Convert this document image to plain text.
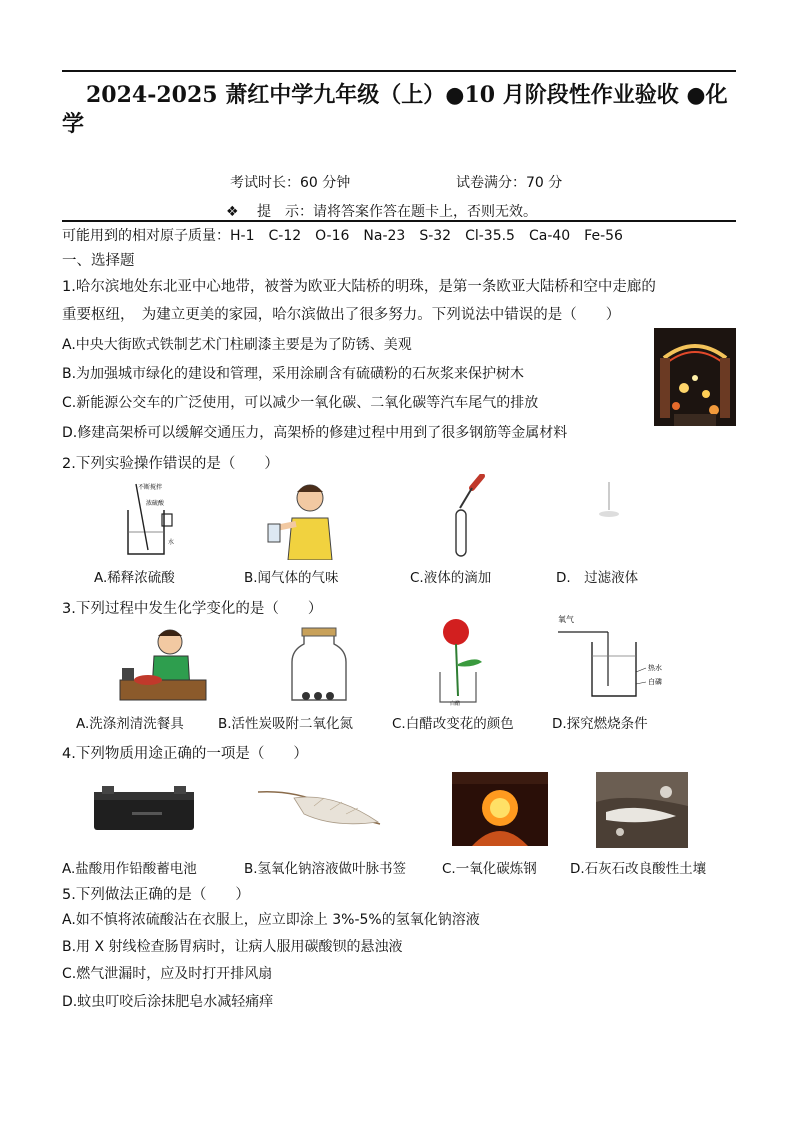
2024-2025 萧红中学九年级（上）●10 月阶段性作业验收 ●化
学
考试时长：60 分钟	试卷满分：70 分
❖ 提　示：请将答案作答在题卡上，否则无效。
可能用到的相对原子质量：H-1　C-12　O-16　Na-23　S-32　Cl-35.5　Ca-40　Fe-56
一、选择题
1.哈尔滨地处东北亚中心地带，被誉为欧亚大陆桥的明珠，是第一条欧亚大陆桥和空中走廊的
重要枢纽，　为建立更美的家园，哈尔滨做出了很多努力。下列说法中错误的是（　　）
A.中央大街欧式铁制艺术门柱刷漆主要是为了防锈、美观
B.为加强城市绿化的建设和管理，采用涂刷含有硫磺粉的石灰浆来保护树木
C.新能源公交车的广泛使用，可以减少一氧化碳、二氧化碳等汽车尾气的排放
D.修建高架桥可以缓解交通压力，高架桥的修建过程中用到了很多钢筋等金属材料
2.下列实验操作错误的是（　　）
不断搅拌
浓硫酸
水
A.稀释浓硫酸	B.闻气体的气味	C.液体的滴加	D.　过滤液体
3.下列过程中发生化学变化的是（　　）
白醋
氧气
热水
白磷
A.洗涤剂清洗餐具	B.活性炭吸附二氧化氮	C.白醋改变花的颜色	D.探究燃烧条件
4.下列物质用途正确的一项是（　　）
A.盐酸用作铅酸蓄电池	B.氢氧化钠溶液做叶脉书签	C.一氧化碳炼钢 D.石灰石改良酸性土壤
5.下列做法正确的是（　　）
A.如不慎将浓硫酸沾在衣服上，应立即涂上 3%-5%的氢氧化钠溶液
B.用 X 射线检查肠胃病时，让病人服用碳酸钡的悬浊液
C.燃气泄漏时，应及时打开排风扇
D.蚊虫叮咬后涂抹肥皂水减轻痛痒
